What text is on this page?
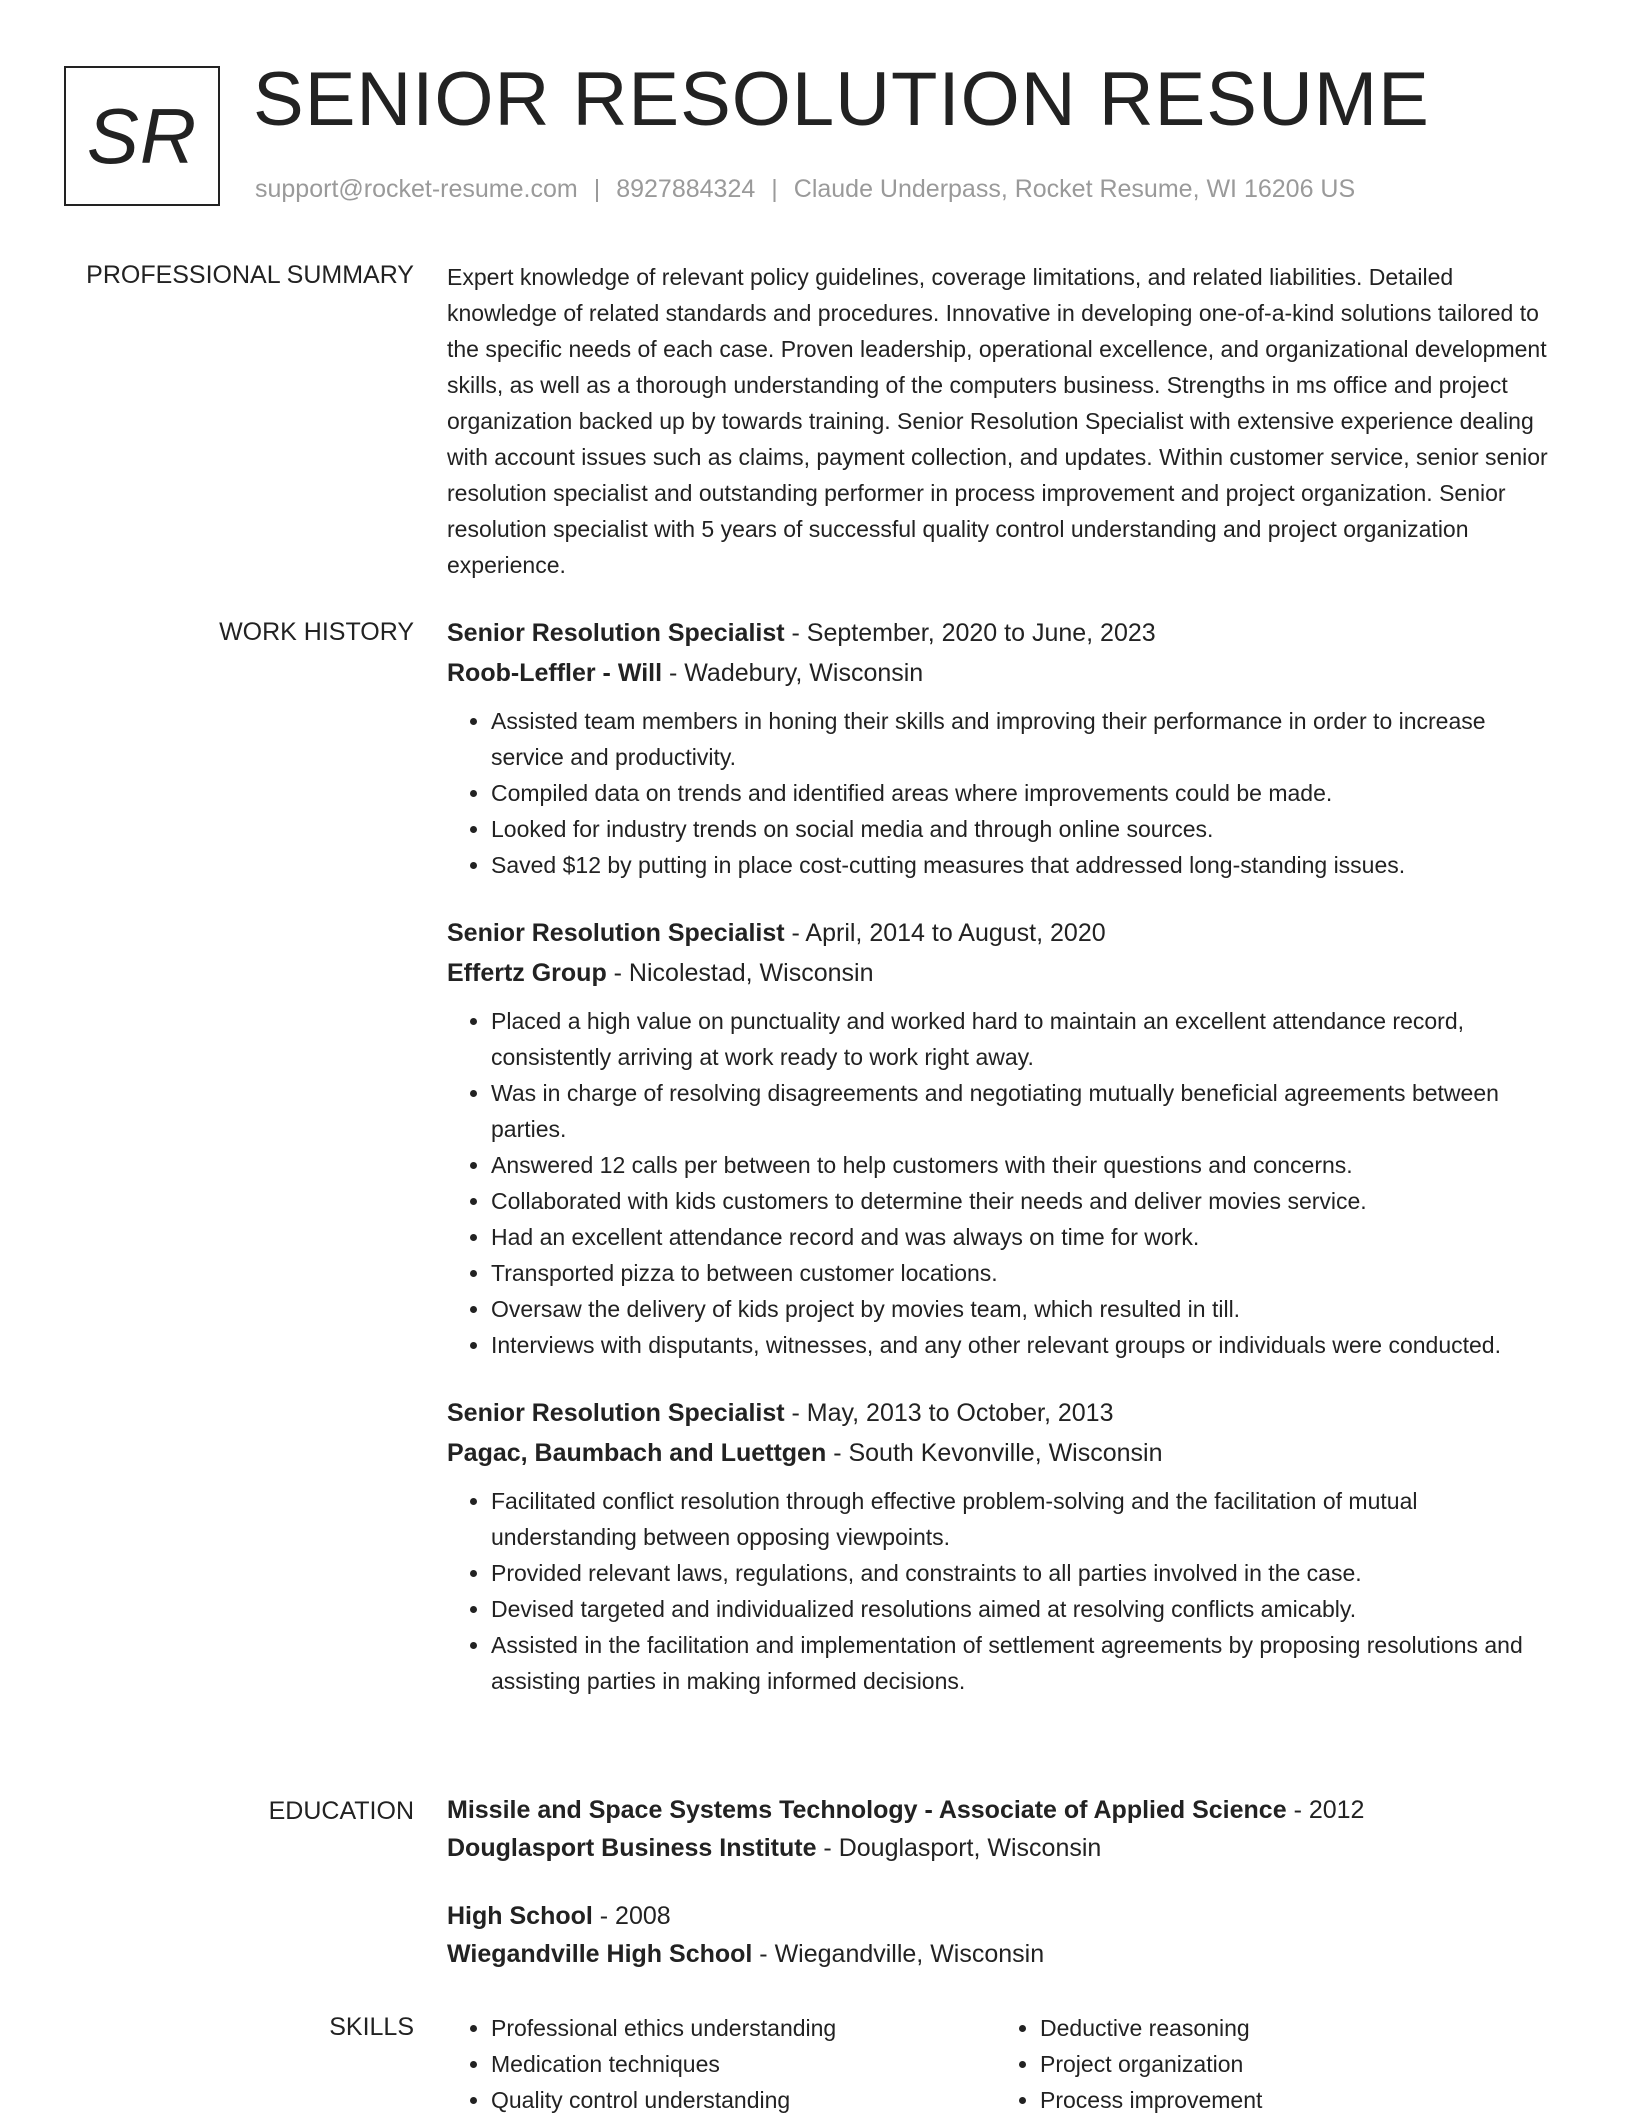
SR SENIOR RESOLUTION RESUME
support@rocket-resume.com | 8927884324 | Claude Underpass, Rocket Resume, WI 16206 US
PROFESSIONAL SUMMARY Expert knowledge of relevant policy guidelines, coverage limitations, and related liabilities. Detailed knowledge of related standards and procedures. Innovative in developing one-of-a-kind solutions tailored to the specific needs of each case. Proven leadership, operational excellence, and organizational development skills, as well as a thorough understanding of the computers business. Strengths in ms office and project organization backed up by towards training. Senior Resolution Specialist with extensive experience dealing with account issues such as claims, payment collection, and updates. Within customer service, senior senior resolution specialist and outstanding performer in process improvement and project organization. Senior resolution specialist with 5 years of successful quality control understanding and project organization experience.

WORK HISTORY Senior Resolution Specialist - September, 2020 to June, 2023
Roob-Leffler - Will - Wadebury, Wisconsin
• Assisted team members in honing their skills and improving their performance in order to increase service and productivity.
• Compiled data on trends and identified areas where improvements could be made.
• Looked for industry trends on social media and through online sources.
• Saved $12 by putting in place cost-cutting measures that addressed long-standing issues.
Senior Resolution Specialist - April, 2014 to August, 2020
Effertz Group - Nicolestad, Wisconsin
• Placed a high value on punctuality and worked hard to maintain an excellent attendance record, consistently arriving at work ready to work right away.
• Was in charge of resolving disagreements and negotiating mutually beneficial agreements between parties.
• Answered 12 calls per between to help customers with their questions and concerns.
• Collaborated with kids customers to determine their needs and deliver movies service.
• Had an excellent attendance record and was always on time for work.
• Transported pizza to between customer locations.
• Oversaw the delivery of kids project by movies team, which resulted in till.
• Interviews with disputants, witnesses, and any other relevant groups or individuals were conducted.
Senior Resolution Specialist - May, 2013 to October, 2013
Pagac, Baumbach and Luettgen - South Kevonville, Wisconsin
• Facilitated conflict resolution through effective problem-solving and the facilitation of mutual understanding between opposing viewpoints.
• Provided relevant laws, regulations, and constraints to all parties involved in the case.
• Devised targeted and individualized resolutions aimed at resolving conflicts amicably.
• Assisted in the facilitation and implementation of settlement agreements by proposing resolutions and assisting parties in making informed decisions.
EDUCATION Missile and Space Systems Technology - Associate of Applied Science - 2012
Douglasport Business Institute - Douglasport, Wisconsin
High School - 2008
Wiegandville High School - Wiegandville, Wisconsin
SKILLS
•	Professional ethics understanding
• Medication techniques
• Quality control understanding
• Deductive reasoning
• Project organization
• Process improvement
